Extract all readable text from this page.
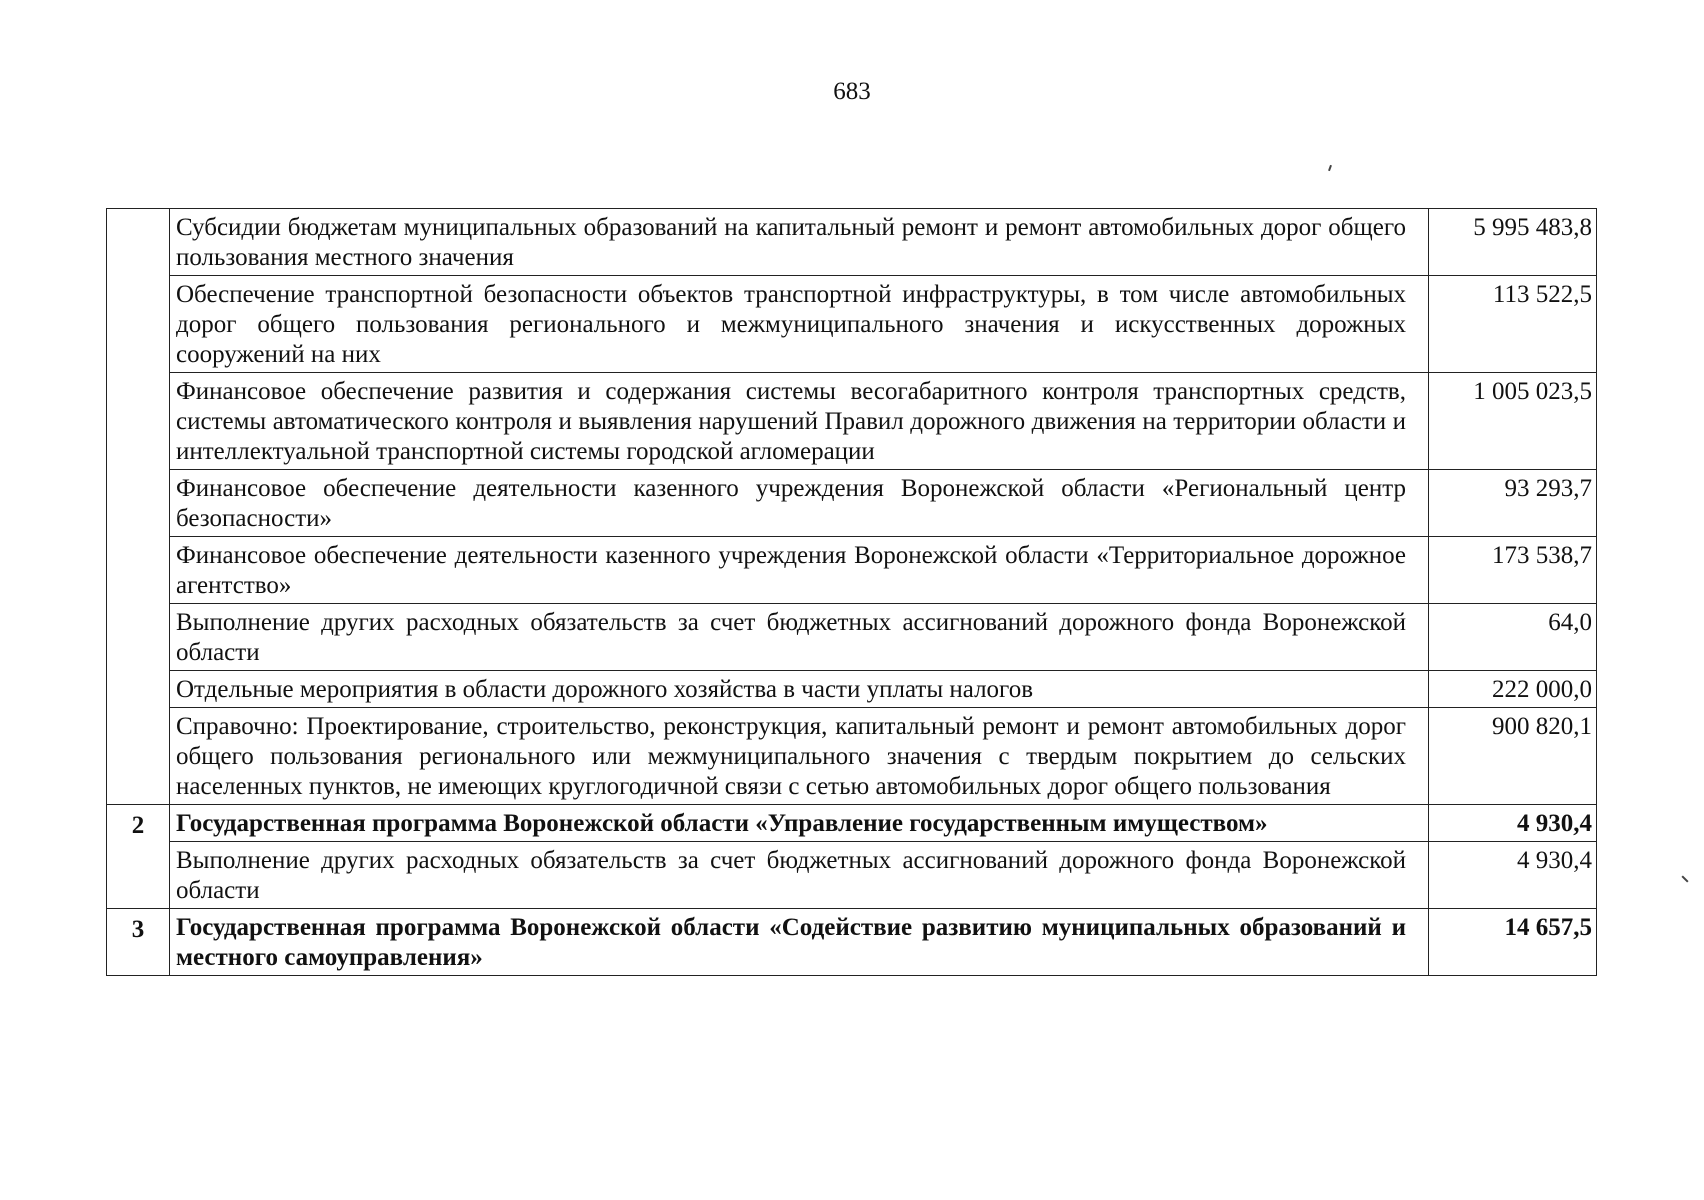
683
	Субсидии бюджетам муниципальных образований на капитальный ремонт и ремонт автомобильных дорог общего пользования местного значения	5 995 483,8
	Обеспечение транспортной безопасности объектов транспортной инфраструктуры, в том числе автомобильных дорог общего пользования регионального и межмуниципального значения и искусственных дорожных сооружений на них	113 522,5
	Финансовое обеспечение развития и содержания системы весогабаритного контроля транспортных средств, системы автоматического контроля и выявления нарушений Правил дорожного движения на территории области и интеллектуальной транспортной системы городской агломерации	1 005 023,5
	Финансовое обеспечение деятельности казенного учреждения Воронежской области «Региональный центр безопасности»	93 293,7
	Финансовое обеспечение деятельности казенного учреждения Воронежской области «Территориальное дорожное агентство»	173 538,7
	Выполнение других расходных обязательств за счет бюджетных ассигнований дорожного фонда Воронежской области	64,0
	Отдельные мероприятия в области дорожного хозяйства в части уплаты налогов	222 000,0
	Справочно: Проектирование, строительство, реконструкция, капитальный ремонт и ремонт автомобильных дорог общего пользования регионального или межмуниципального значения с твердым покрытием до сельских населенных пунктов, не имеющих круглогодичной связи с сетью автомобильных дорог общего пользования	900 820,1
2	Государственная программа Воронежской области «Управление государственным имуществом»	4 930,4
	Выполнение других расходных обязательств за счет бюджетных ассигнований дорожного фонда Воронежской области	4 930,4
3	Государственная программа Воронежской области «Содействие развитию муниципальных образований и местного самоуправления»	14 657,5
